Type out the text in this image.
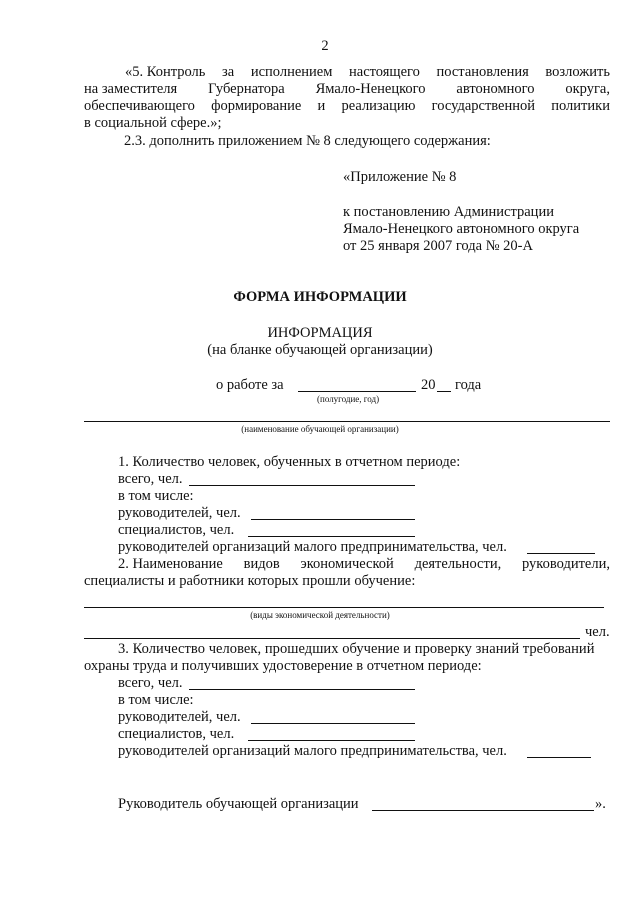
2
«5. Контроль за исполнением настоящего постановления возложить
на заместителя Губернатора Ямало-Ненецкого автономного округа,
обеспечивающего формирование и реализацию государственной политики
в социальной сфере.»;
2.3. дополнить приложением № 8 следующего содержания:
«Приложение № 8
к постановлению Администрации
Ямало-Ненецкого автономного округа
от 25 января 2007 года № 20-А
ФОРМА ИНФОРМАЦИИ
ИНФОРМАЦИЯ
(на бланке обучающей организации)
о работе за	20 года
(полугодие, год)
(наименование обучающей организации)
1. Количество человек, обученных в отчетном периоде:
всего, чел.
в том числе:
руководителей, чел.
специалистов, чел.
руководителей организаций малого предпринимательства, чел.
2. Наименование видов экономической деятельности, руководители,
специалисты и работники которых прошли обучение:
(виды экономической деятельности)
чел.
3. Количество человек, прошедших обучение и проверку знаний требований
охраны труда и получивших удостоверение в отчетном периоде:
всего, чел.
в том числе:
руководителей, чел.
специалистов, чел.
руководителей организаций малого предпринимательства, чел.
Руководитель обучающей организации	».
